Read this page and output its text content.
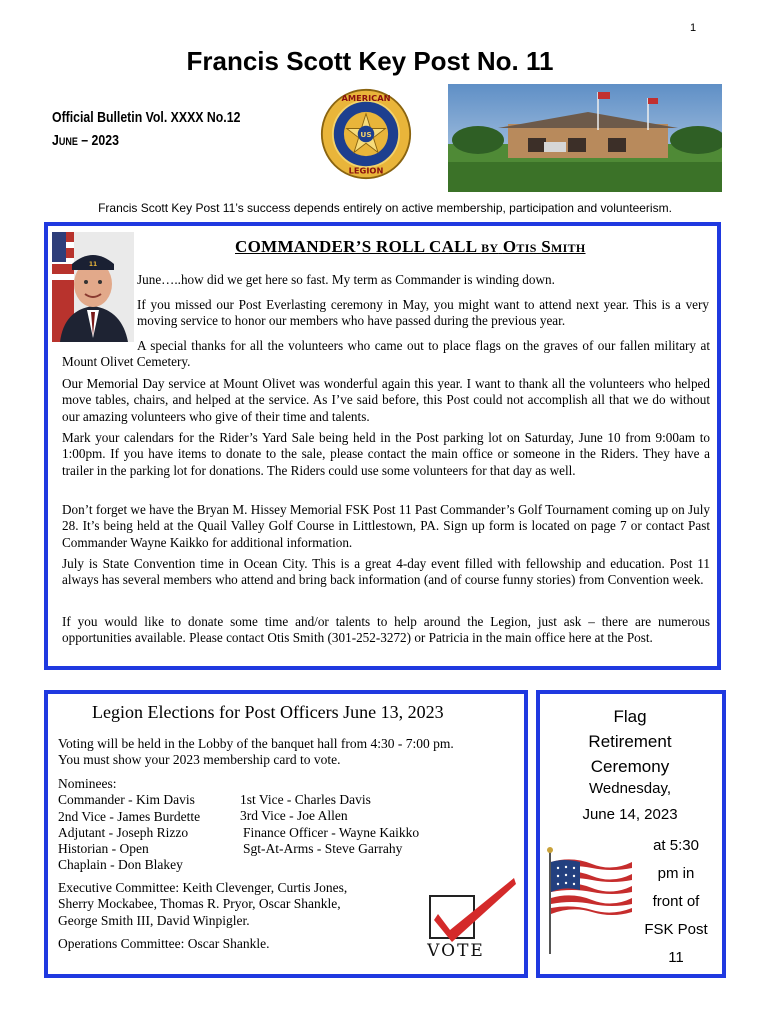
1
Francis Scott Key Post No. 11
Official Bulletin Vol. XXXX No.12
June – 2023	US
AMERICAN
LEGION
Francis Scott Key Post 11’s success depends entirely on active membership, participation and volunteerism.
11
COMMANDER’S ROLL CALL by Otis Smith
June…..how did we get here so fast. My term as Commander is winding down.
If you missed our Post Everlasting ceremony in May, you might want to attend next year. This is a very moving service to honor our members who have passed during the previous year.
A special thanks for all the volunteers who came out to place flags on the graves of our fallen military at Mount Olivet Cemetery.
Our Memorial Day service at Mount Olivet was wonderful again this year. I want to thank all the volunteers who helped move tables, chairs, and helped at the service. As I’ve said before, this Post could not accomplish all that we do without our amazing volunteers who give of their time and talents.
Mark your calendars for the Rider’s Yard Sale being held in the Post parking lot on Saturday, June 10 from 9:00am to 1:00pm. If you have items to donate to the sale, please contact the main office or someone in the Riders. They have a trailer in the parking lot for donations. The Riders could use some volunteers for that day as well.
Don’t forget we have the Bryan M. Hissey Memorial FSK Post 11 Past Commander’s Golf Tournament coming up on July 28. It’s being held at the Quail Valley Golf Course in Littlestown, PA. Sign up form is located on page 7 or contact Past Commander Wayne Kaikko for additional information.
July is State Convention time in Ocean City. This is a great 4-day event filled with fellowship and education. Post 11 always has several members who attend and bring back information (and of course funny stories) from Convention week.
If you would like to donate some time and/or talents to help around the Legion, just ask – there are numerous opportunities available. Please contact Otis Smith (301-252-3272) or Patricia in the main office here at the Post.
Legion Elections for Post Officers June 13, 2023
Voting will be held in the Lobby of the banquet hall from 4:30 - 7:00 pm.
You must show your 2023 membership card to vote.
Nominees:
Commander - Kim Davis
2nd Vice - James Burdette
Adjutant - Joseph Rizzo
Historian - Open
Chaplain - Don Blakey
1st Vice - Charles Davis
3rd Vice - Joe Allen
Finance Officer - Wayne Kaikko
Sgt-At-Arms - Steve Garrahy
Executive Committee: Keith Clevenger, Curtis Jones,
Sherry Mockabee, Thomas R. Pryor, Oscar Shankle,
George Smith III, David Winpigler.
Operations Committee: Oscar Shankle.	VOTE
Flag
Retirement
Ceremony
Wednesday,
June 14, 2023
at 5:30
pm in
front of
FSK Post
11
